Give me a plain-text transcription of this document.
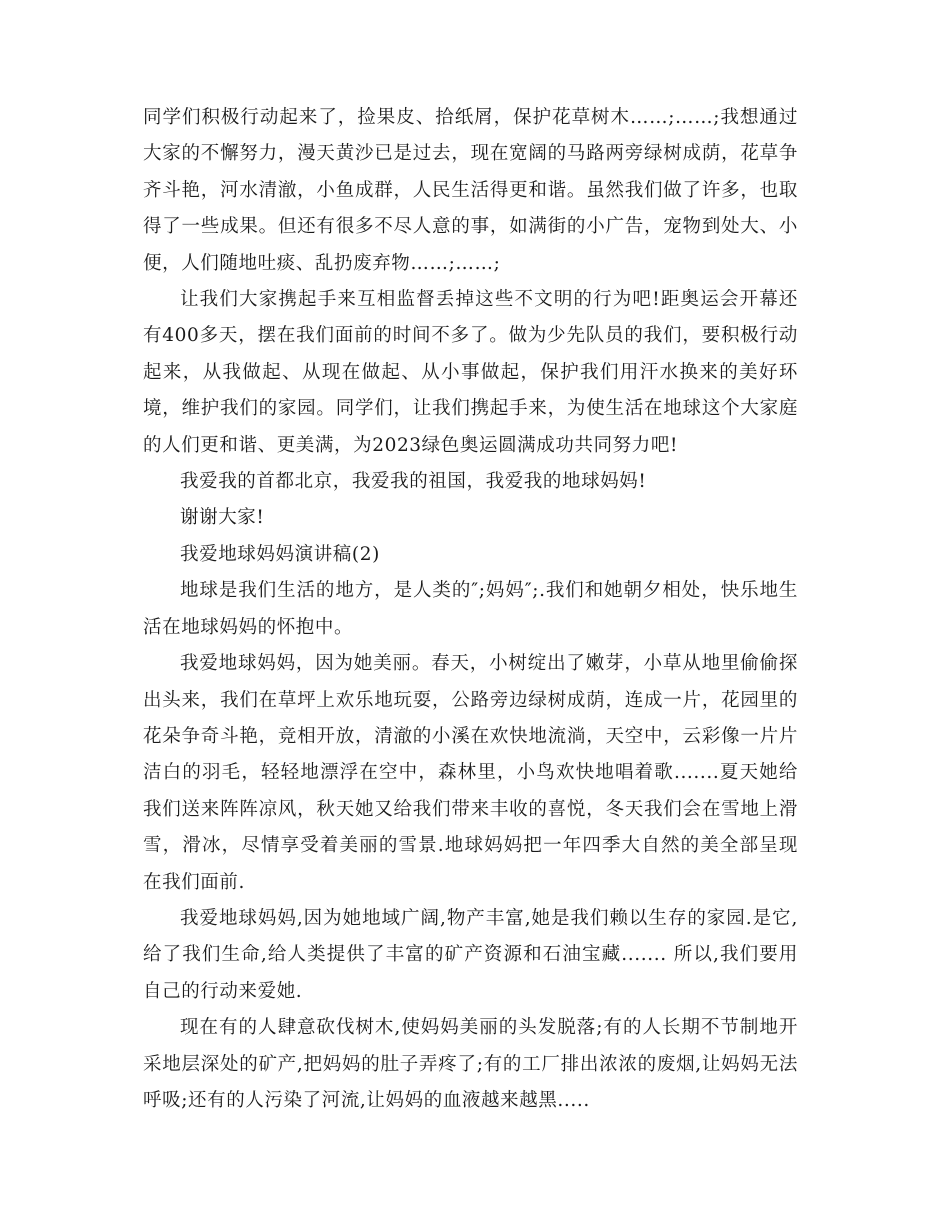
同学们积极行动起来了，捡果皮、拾纸屑，保护花草树木……;……;我想通过大家的不懈努力，漫天黄沙已是过去，现在宽阔的马路两旁绿树成荫，花草争齐斗艳，河水清澈，小鱼成群，人民生活得更和谐。虽然我们做了许多，也取得了一些成果。但还有很多不尽人意的事，如满街的小广告，宠物到处大、小便，人们随地吐痰、乱扔废弃物……;……;

让我们大家携起手来互相监督丢掉这些不文明的行为吧!距奥运会开幕还有400多天，摆在我们面前的时间不多了。做为少先队员的我们，要积极行动起来，从我做起、从现在做起、从小事做起，保护我们用汗水换来的美好环境，维护我们的家园。同学们，让我们携起手来，为使生活在地球这个大家庭的人们更和谐、更美满，为2023绿色奥运圆满成功共同努力吧!

我爱我的首都北京，我爱我的祖国，我爱我的地球妈妈!

谢谢大家!

我爱地球妈妈演讲稿(2)

地球是我们生活的地方，是人类的″;妈妈″;.我们和她朝夕相处，快乐地生活在地球妈妈的怀抱中。

我爱地球妈妈，因为她美丽。春天，小树绽出了嫩芽，小草从地里偷偷探出头来，我们在草坪上欢乐地玩耍，公路旁边绿树成荫，连成一片，花园里的花朵争奇斗艳，竞相开放，清澈的小溪在欢快地流淌，天空中，云彩像一片片洁白的羽毛，轻轻地漂浮在空中，森林里，小鸟欢快地唱着歌.......夏天她给我们送来阵阵凉风，秋天她又给我们带来丰收的喜悦，冬天我们会在雪地上滑雪，滑冰，尽情享受着美丽的雪景.地球妈妈把一年四季大自然的美全部呈现在我们面前.

我爱地球妈妈,因为她地域广阔,物产丰富,她是我们赖以生存的家园.是它,给了我们生命,给人类提供了丰富的矿产资源和石油宝藏....... 所以,我们要用自己的行动来爱她.

现在有的人肆意砍伐树木,使妈妈美丽的头发脱落;有的人长期不节制地开采地层深处的矿产,把妈妈的肚子弄疼了;有的工厂排出浓浓的废烟,让妈妈无法呼吸;还有的人污染了河流,让妈妈的血液越来越黑.....
